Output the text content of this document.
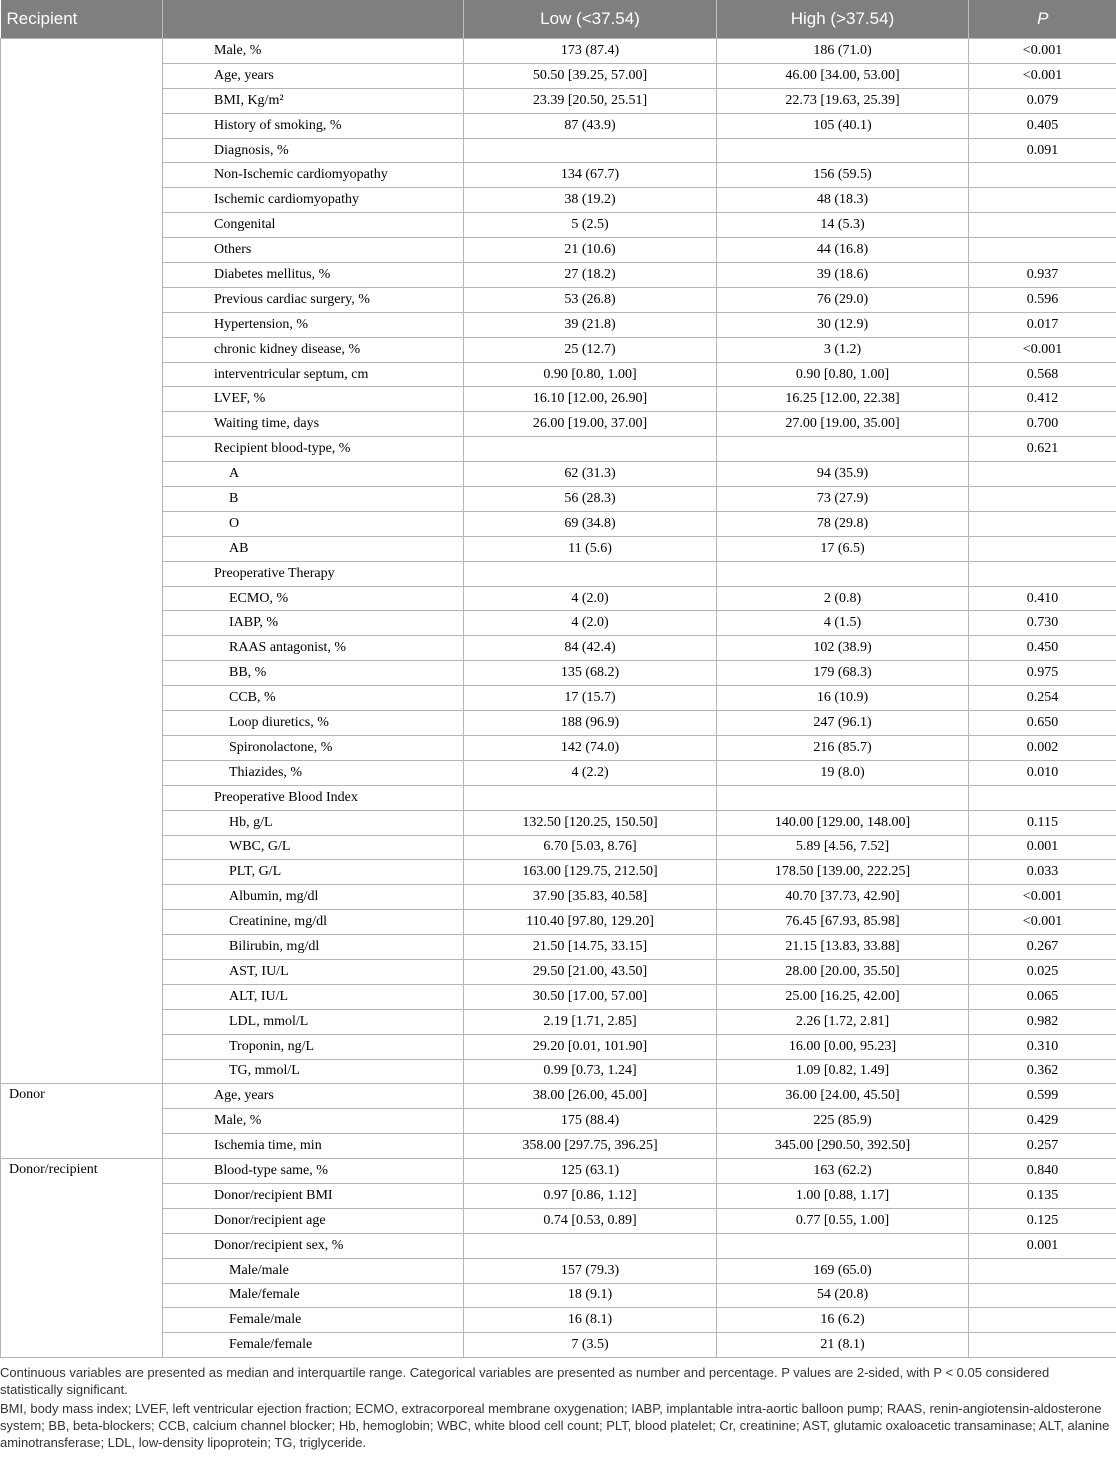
Recipient		Low (<37.54)	High (>37.54)	P
	Male, %	173 (87.4)	186 (71.0)	<0.001
	Age, years	50.50 [39.25, 57.00]	46.00 [34.00, 53.00]	<0.001
	BMI, Kg/m²	23.39 [20.50, 25.51]	22.73 [19.63, 25.39]	0.079
	History of smoking, %	87 (43.9)	105 (40.1)	0.405
	Diagnosis, %			0.091
	Non-Ischemic cardiomyopathy	134 (67.7)	156 (59.5)	
	Ischemic cardiomyopathy	38 (19.2)	48 (18.3)	
	Congenital	5 (2.5)	14 (5.3)	
	Others	21 (10.6)	44 (16.8)	
	Diabetes mellitus, %	27 (18.2)	39 (18.6)	0.937
	Previous cardiac surgery, %	53 (26.8)	76 (29.0)	0.596
	Hypertension, %	39 (21.8)	30 (12.9)	0.017
	chronic kidney disease, %	25 (12.7)	3 (1.2)	<0.001
	interventricular septum, cm	0.90 [0.80, 1.00]	0.90 [0.80, 1.00]	0.568
	LVEF, %	16.10 [12.00, 26.90]	16.25 [12.00, 22.38]	0.412
	Waiting time, days	26.00 [19.00, 37.00]	27.00 [19.00, 35.00]	0.700
	Recipient blood-type, %			0.621
	A	62 (31.3)	94 (35.9)	
	B	56 (28.3)	73 (27.9)	
	O	69 (34.8)	78 (29.8)	
	AB	11 (5.6)	17 (6.5)	
	Preoperative Therapy			
	ECMO, %	4 (2.0)	2 (0.8)	0.410
	IABP, %	4 (2.0)	4 (1.5)	0.730
	RAAS antagonist, %	84 (42.4)	102 (38.9)	0.450
	BB, %	135 (68.2)	179 (68.3)	0.975
	CCB, %	17 (15.7)	16 (10.9)	0.254
	Loop diuretics, %	188 (96.9)	247 (96.1)	0.650
	Spironolactone, %	142 (74.0)	216 (85.7)	0.002
	Thiazides, %	4 (2.2)	19 (8.0)	0.010
	Preoperative Blood Index			
	Hb, g/L	132.50 [120.25, 150.50]	140.00 [129.00, 148.00]	0.115
	WBC, G/L	6.70 [5.03, 8.76]	5.89 [4.56, 7.52]	0.001
	PLT, G/L	163.00 [129.75, 212.50]	178.50 [139.00, 222.25]	0.033
	Albumin, mg/dl	37.90 [35.83, 40.58]	40.70 [37.73, 42.90]	<0.001
	Creatinine, mg/dl	110.40 [97.80, 129.20]	76.45 [67.93, 85.98]	<0.001
	Bilirubin, mg/dl	21.50 [14.75, 33.15]	21.15 [13.83, 33.88]	0.267
	AST, IU/L	29.50 [21.00, 43.50]	28.00 [20.00, 35.50]	0.025
	ALT, IU/L	30.50 [17.00, 57.00]	25.00 [16.25, 42.00]	0.065
	LDL, mmol/L	2.19 [1.71, 2.85]	2.26 [1.72, 2.81]	0.982
	Troponin, ng/L	29.20 [0.01, 101.90]	16.00 [0.00, 95.23]	0.310
	TG, mmol/L	0.99 [0.73, 1.24]	1.09 [0.82, 1.49]	0.362
Donor	Age, years	38.00 [26.00, 45.00]	36.00 [24.00, 45.50]	0.599
	Male, %	175 (88.4)	225 (85.9)	0.429
	Ischemia time, min	358.00 [297.75, 396.25]	345.00 [290.50, 392.50]	0.257
Donor/recipient	Blood-type same, %	125 (63.1)	163 (62.2)	0.840
	Donor/recipient BMI	0.97 [0.86, 1.12]	1.00 [0.88, 1.17]	0.135
	Donor/recipient age	0.74 [0.53, 0.89]	0.77 [0.55, 1.00]	0.125
	Donor/recipient sex, %			0.001
	Male/male	157 (79.3)	169 (65.0)	
	Male/female	18 (9.1)	54 (20.8)	
	Female/male	16 (8.1)	16 (6.2)	
	Female/female	7 (3.5)	21 (8.1)	

Continuous variables are presented as median and interquartile range. Categorical variables are presented as number and percentage. P values are 2-sided, with P < 0.05 considered statistically significant.

BMI, body mass index; LVEF, left ventricular ejection fraction; ECMO, extracorporeal membrane oxygenation; IABP, implantable intra-aortic balloon pump; RAAS, renin-angiotensin-aldosterone system; BB, beta-blockers; CCB, calcium channel blocker; Hb, hemoglobin; WBC, white blood cell count; PLT, blood platelet; Cr, creatinine; AST, glutamic oxaloacetic transaminase; ALT, alanine aminotransferase; LDL, low-density lipoprotein; TG, triglyceride.
